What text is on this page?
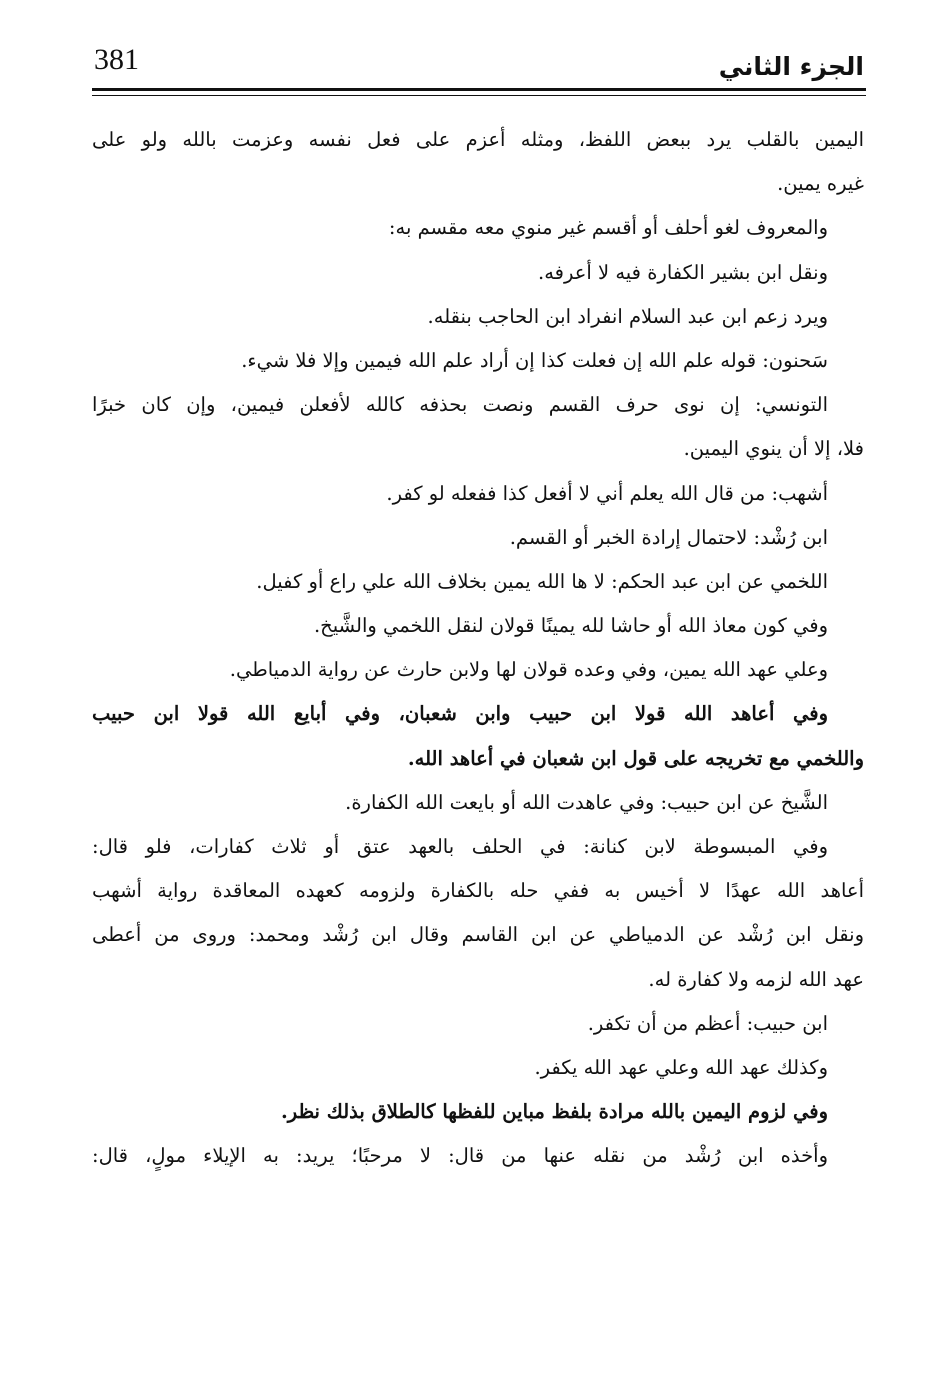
381	الجزء الثاني
اليمين بالقلب يرد ببعض اللفظ، ومثله أعزم على فعل نفسه وعزمت بالله ولو على
غيره يمين.
والمعروف لغو أحلف أو أقسم غير منوي معه مقسم به:
ونقل ابن بشير الكفارة فيه لا أعرفه.
ويرد زعم ابن عبد السلام انفراد ابن الحاجب بنقله.
سَحنون: قوله علم الله إن فعلت كذا إن أراد علم الله فيمين وإلا فلا شيء.
التونسي: إن نوى حرف القسم ونصت بحذفه كالله لأفعلن فيمين، وإن كان خبرًا
فلا، إلا أن ينوي اليمين.
أشهب: من قال الله يعلم أني لا أفعل كذا ففعله لو كفر.
ابن رُشْد: لاحتمال إرادة الخبر أو القسم.
اللخمي عن ابن عبد الحكم: لا ها الله يمين بخلاف الله علي راع أو كفيل.
وفي كون معاذ الله أو حاشا لله يمينًا قولان لنقل اللخمي والشَّيخ.
وعلي عهد الله يمين، وفي وعده قولان لها ولابن حارث عن رواية الدمياطي.
وفي أعاهد الله قولا ابن حبيب وابن شعبان، وفي أبايع الله قولا ابن حبيب
واللخمي مع تخريجه على قول ابن شعبان في أعاهد الله.
الشَّيخ عن ابن حبيب: وفي عاهدت الله أو بايعت الله الكفارة.
وفي المبسوطة لابن كنانة: في الحلف بالعهد عتق أو ثلاث كفارات، فلو قال:
أعاهد الله عهدًا لا أخيس به ففي حله بالكفارة ولزومه كعهده المعاقدة رواية أشهب
ونقل ابن رُشْد عن الدمياطي عن ابن القاسم وقال ابن رُشْد ومحمد: وروى من أعطى
عهد الله لزمه ولا كفارة له.
ابن حبيب: أعظم من أن تكفر.
وكذلك عهد الله وعلي عهد الله يكفر.
وفي لزوم اليمين بالله مرادة بلفظ مباين للفظها كالطلاق بذلك نظر.
وأخذه ابن رُشْد من نقله عنها من قال: لا مرحبًا؛ يريد: به الإيلاء مولٍ، قال:
